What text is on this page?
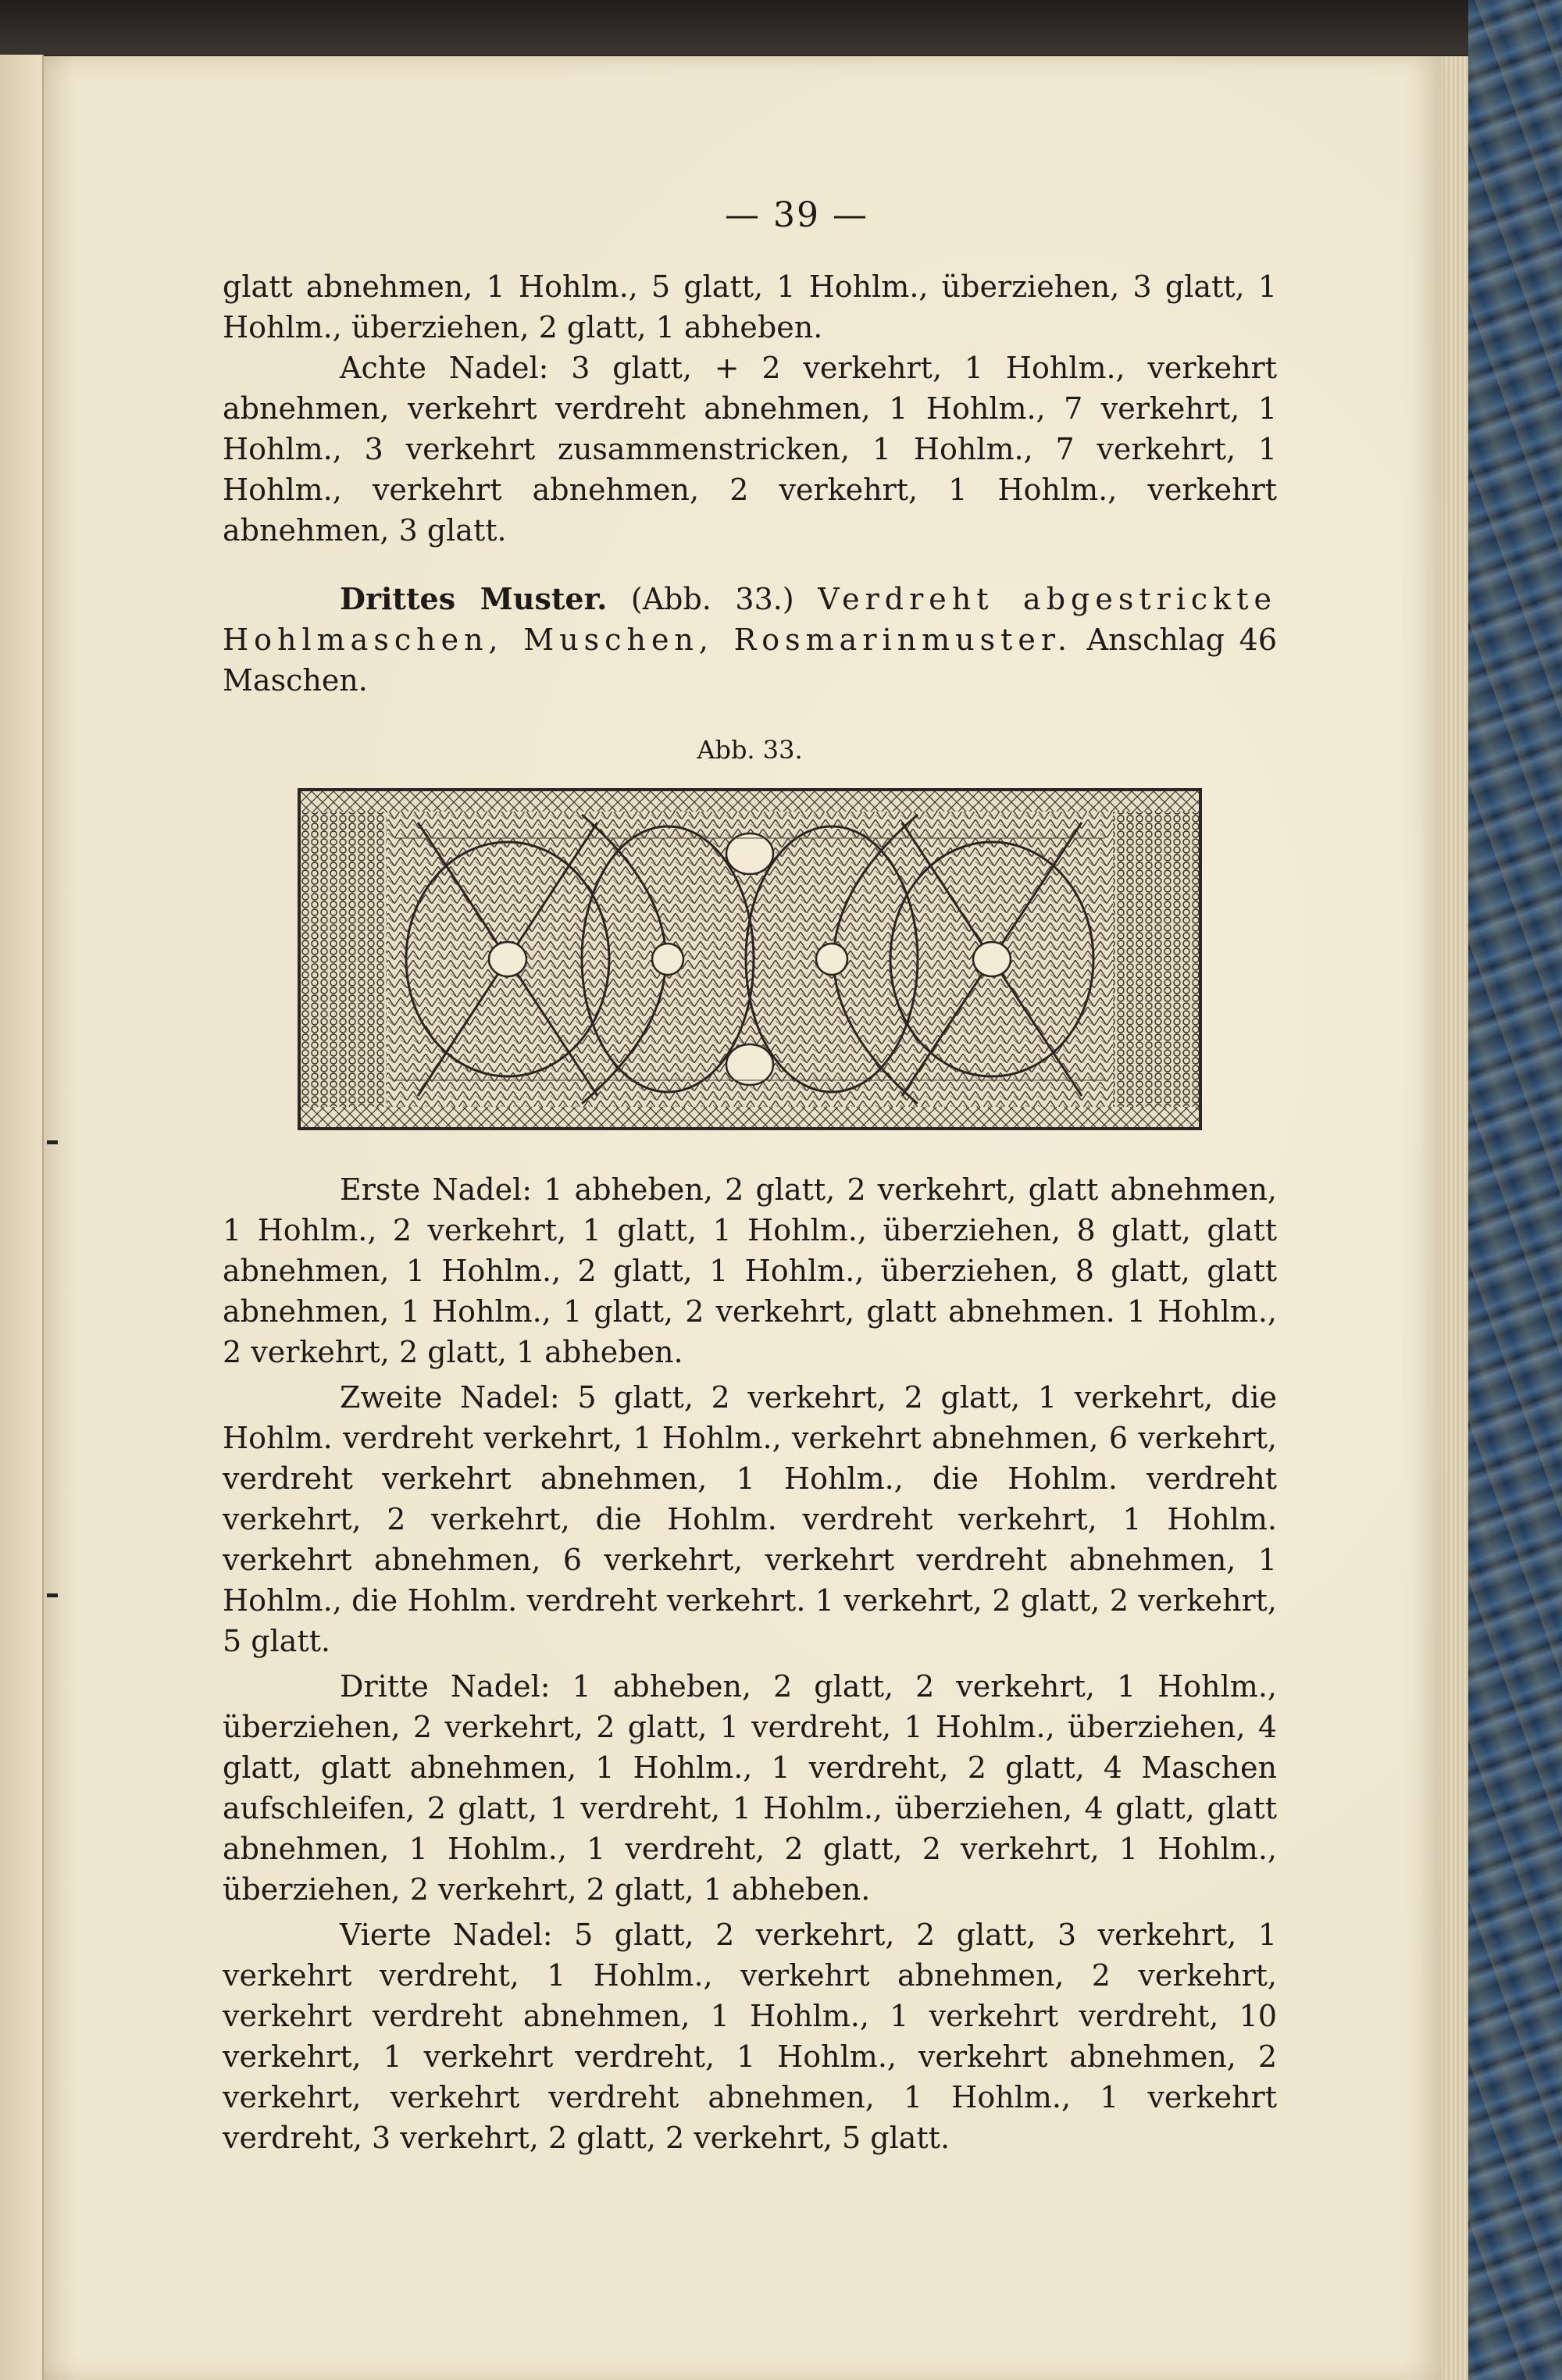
— 39 —

glatt abnehmen, 1 Hohlm., 5 glatt, 1 Hohlm., überziehen, 3 glatt, 1 Hohlm., überziehen, 2 glatt, 1 abheben.

Achte Nadel: 3 glatt, + 2 verkehrt, 1 Hohlm., verkehrt abnehmen, verkehrt verdreht abnehmen, 1 Hohlm., 7 verkehrt, 1 Hohlm., 3 verkehrt zusammenstricken, 1 Hohlm., 7 verkehrt, 1 Hohlm., verkehrt abnehmen, 2 verkehrt, 1 Hohlm., verkehrt abnehmen, 3 glatt.

Drittes Muster. (Abb. 33.) Verdreht abgestrickte Hohlmaschen, Muschen, Rosmarinmuster. Anschlag 46 Maschen.

Abb. 33.

Erste Nadel: 1 abheben, 2 glatt, 2 verkehrt, glatt abnehmen, 1 Hohlm., 2 verkehrt, 1 glatt, 1 Hohlm., überziehen, 8 glatt, glatt abnehmen, 1 Hohlm., 2 glatt, 1 Hohlm., überziehen, 8 glatt, glatt abnehmen, 1 Hohlm., 1 glatt, 2 verkehrt, glatt abnehmen. 1 Hohlm., 2 verkehrt, 2 glatt, 1 abheben.

Zweite Nadel: 5 glatt, 2 verkehrt, 2 glatt, 1 verkehrt, die Hohlm. verdreht verkehrt, 1 Hohlm., verkehrt abnehmen, 6 verkehrt, verdreht verkehrt abnehmen, 1 Hohlm., die Hohlm. verdreht verkehrt, 2 verkehrt, die Hohlm. verdreht verkehrt, 1 Hohlm. verkehrt abnehmen, 6 verkehrt, verkehrt verdreht abnehmen, 1 Hohlm., die Hohlm. verdreht verkehrt. 1 verkehrt, 2 glatt, 2 verkehrt, 5 glatt.

Dritte Nadel: 1 abheben, 2 glatt, 2 verkehrt, 1 Hohlm., überziehen, 2 verkehrt, 2 glatt, 1 verdreht, 1 Hohlm., überziehen, 4 glatt, glatt abnehmen, 1 Hohlm., 1 verdreht, 2 glatt, 4 Maschen aufschleifen, 2 glatt, 1 verdreht, 1 Hohlm., überziehen, 4 glatt, glatt abnehmen, 1 Hohlm., 1 verdreht, 2 glatt, 2 verkehrt, 1 Hohlm., überziehen, 2 verkehrt, 2 glatt, 1 abheben.

Vierte Nadel: 5 glatt, 2 verkehrt, 2 glatt, 3 verkehrt, 1 verkehrt verdreht, 1 Hohlm., verkehrt abnehmen, 2 verkehrt, verkehrt verdreht abnehmen, 1 Hohlm., 1 verkehrt verdreht, 10 verkehrt, 1 verkehrt verdreht, 1 Hohlm., verkehrt abnehmen, 2 verkehrt, verkehrt verdreht abnehmen, 1 Hohlm., 1 verkehrt verdreht, 3 verkehrt, 2 glatt, 2 verkehrt, 5 glatt.
